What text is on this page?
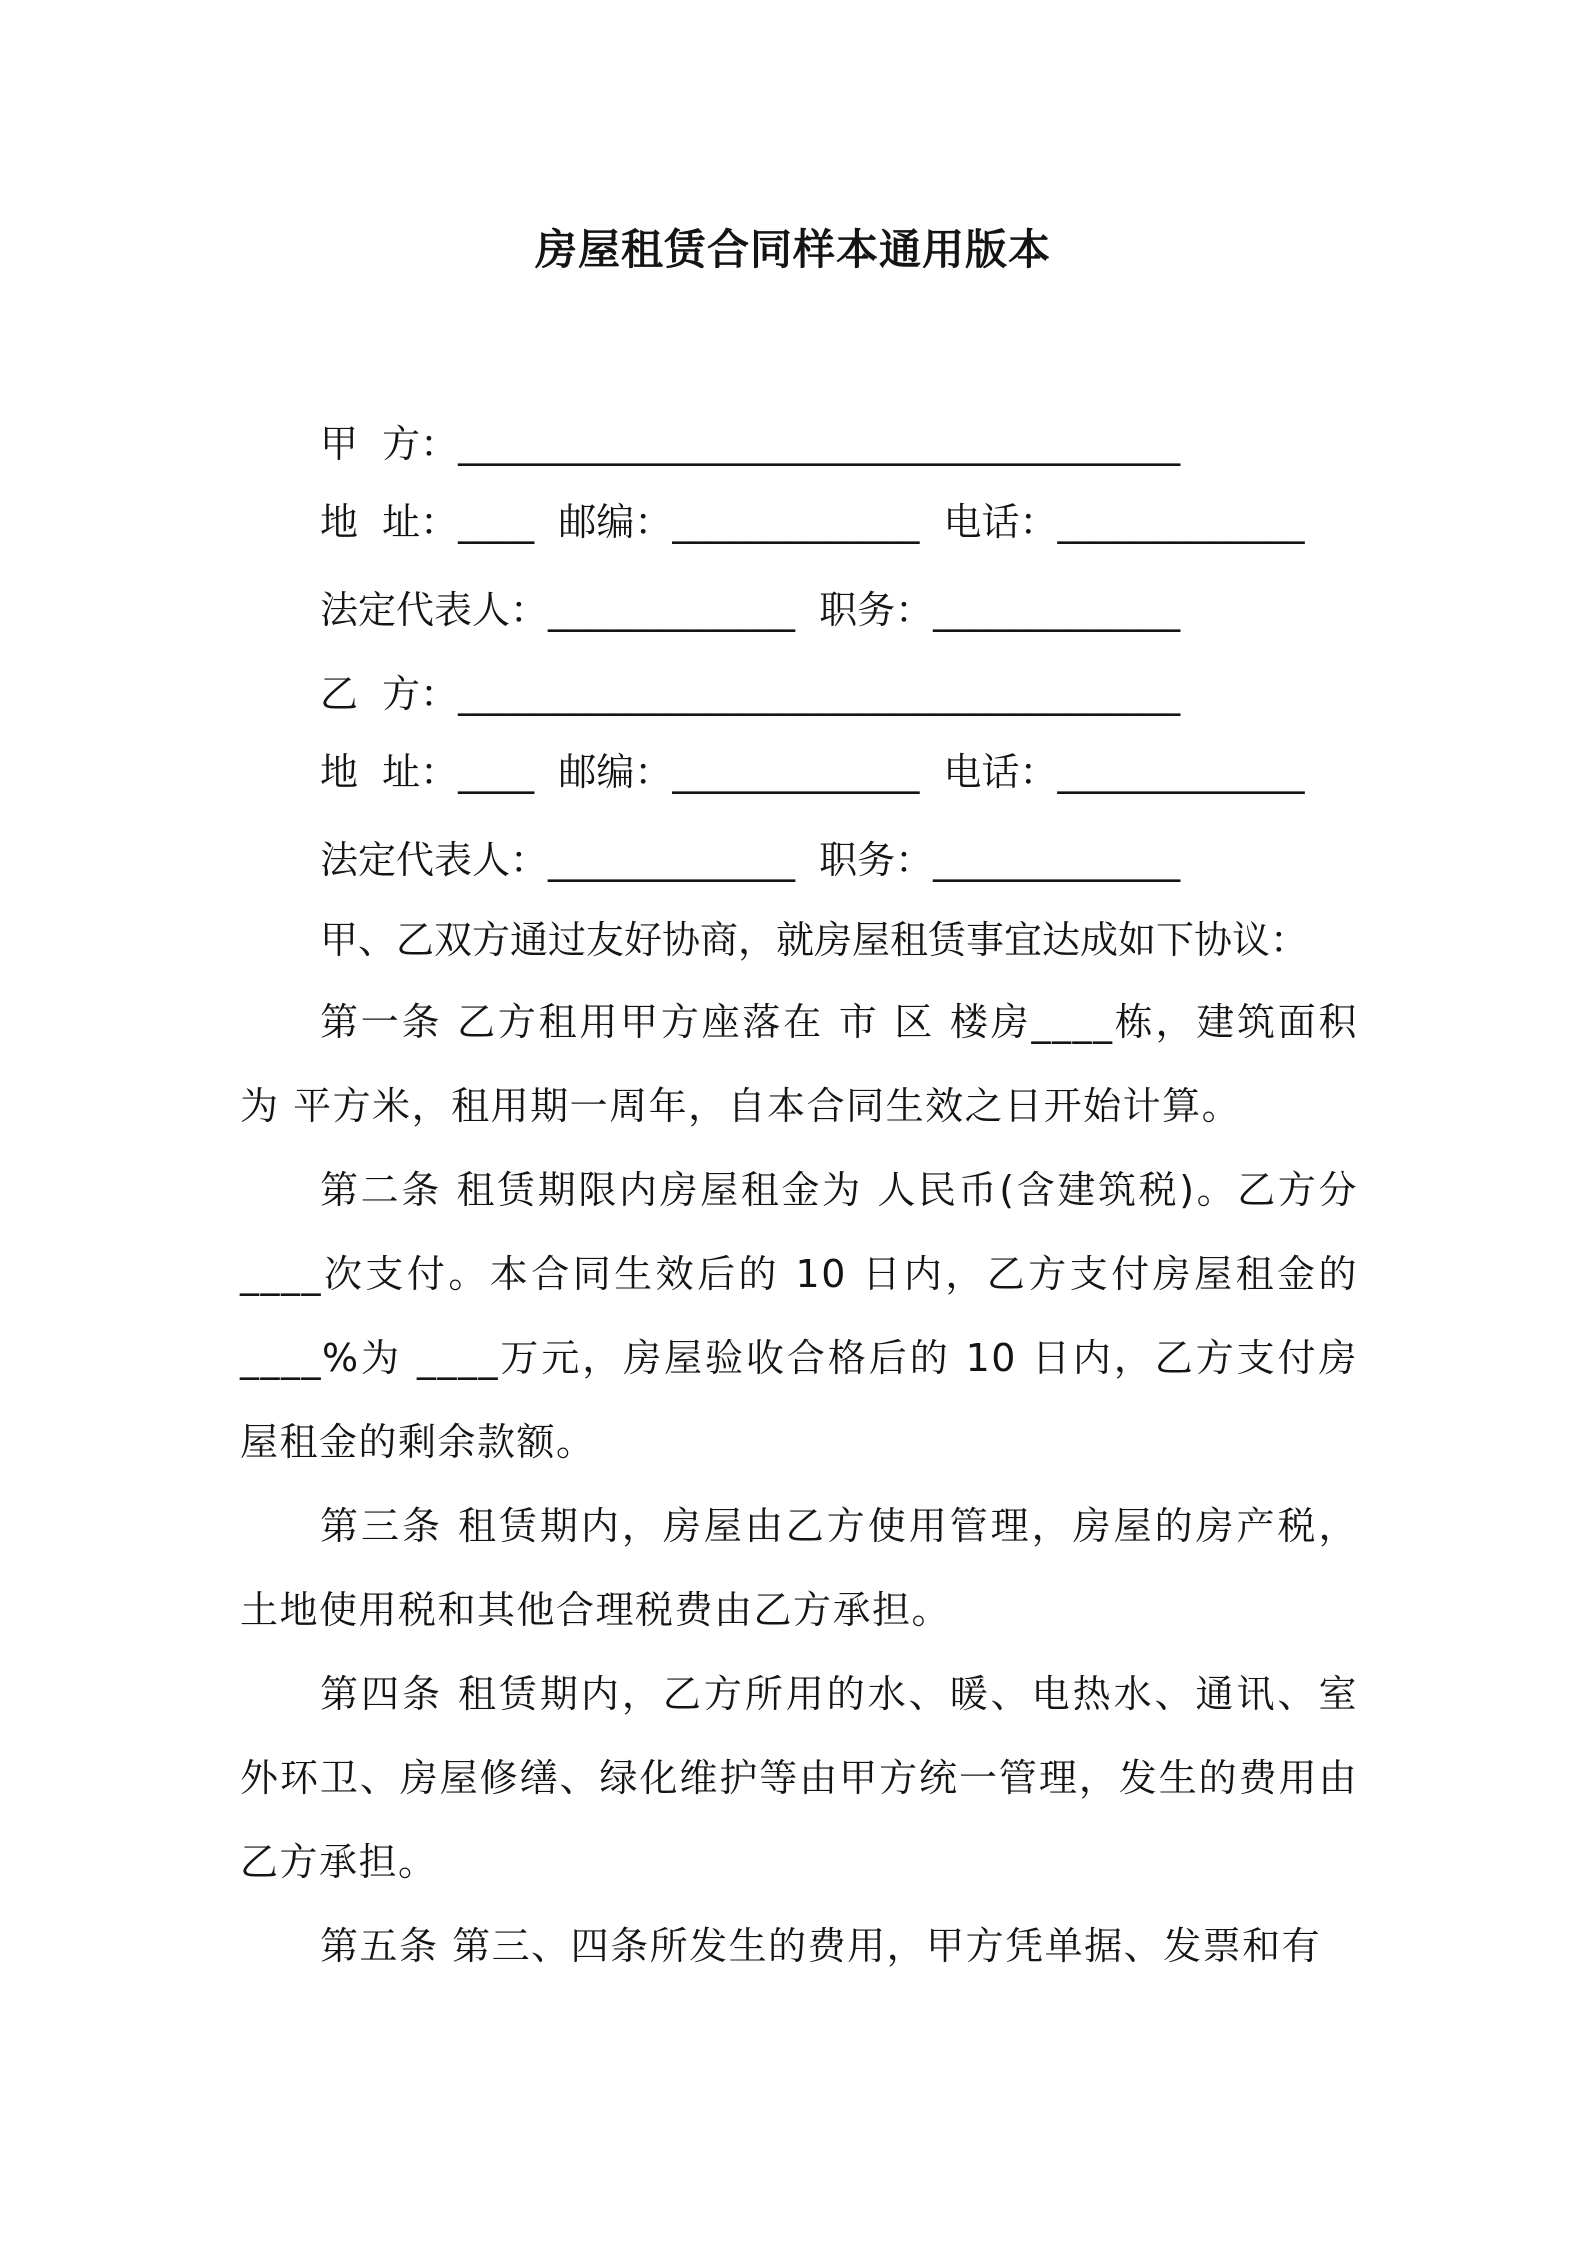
房屋租赁合同样本通用版本
甲  方：______________________________________
地  址：____  邮编：_____________  电话：_____________
法定代表人：_____________  职务：_____________
乙  方：______________________________________
地  址：____  邮编：_____________  电话：_____________
法定代表人：_____________  职务：_____________
甲、乙双方通过友好协商，就房屋租赁事宜达成如下协议：
第一条 乙方租用甲方座落在 市 区 楼房____栋，建筑面积为 平方米，租用期一周年，自本合同生效之日开始计算。
第二条 租赁期限内房屋租金为 人民币(含建筑税)。乙方分____次支付。本合同生效后的 10 日内，乙方支付房屋租金的____%为 ____万元，房屋验收合格后的 10 日内，乙方支付房屋租金的剩余款额。
第三条 租赁期内，房屋由乙方使用管理，房屋的房产税，土地使用税和其他合理税费由乙方承担。
第四条 租赁期内，乙方所用的水、暖、电热水、通讯、室外环卫、房屋修缮、绿化维护等由甲方统一管理，发生的费用由乙方承担。
第五条 第三、四条所发生的费用，甲方凭单据、发票和有
